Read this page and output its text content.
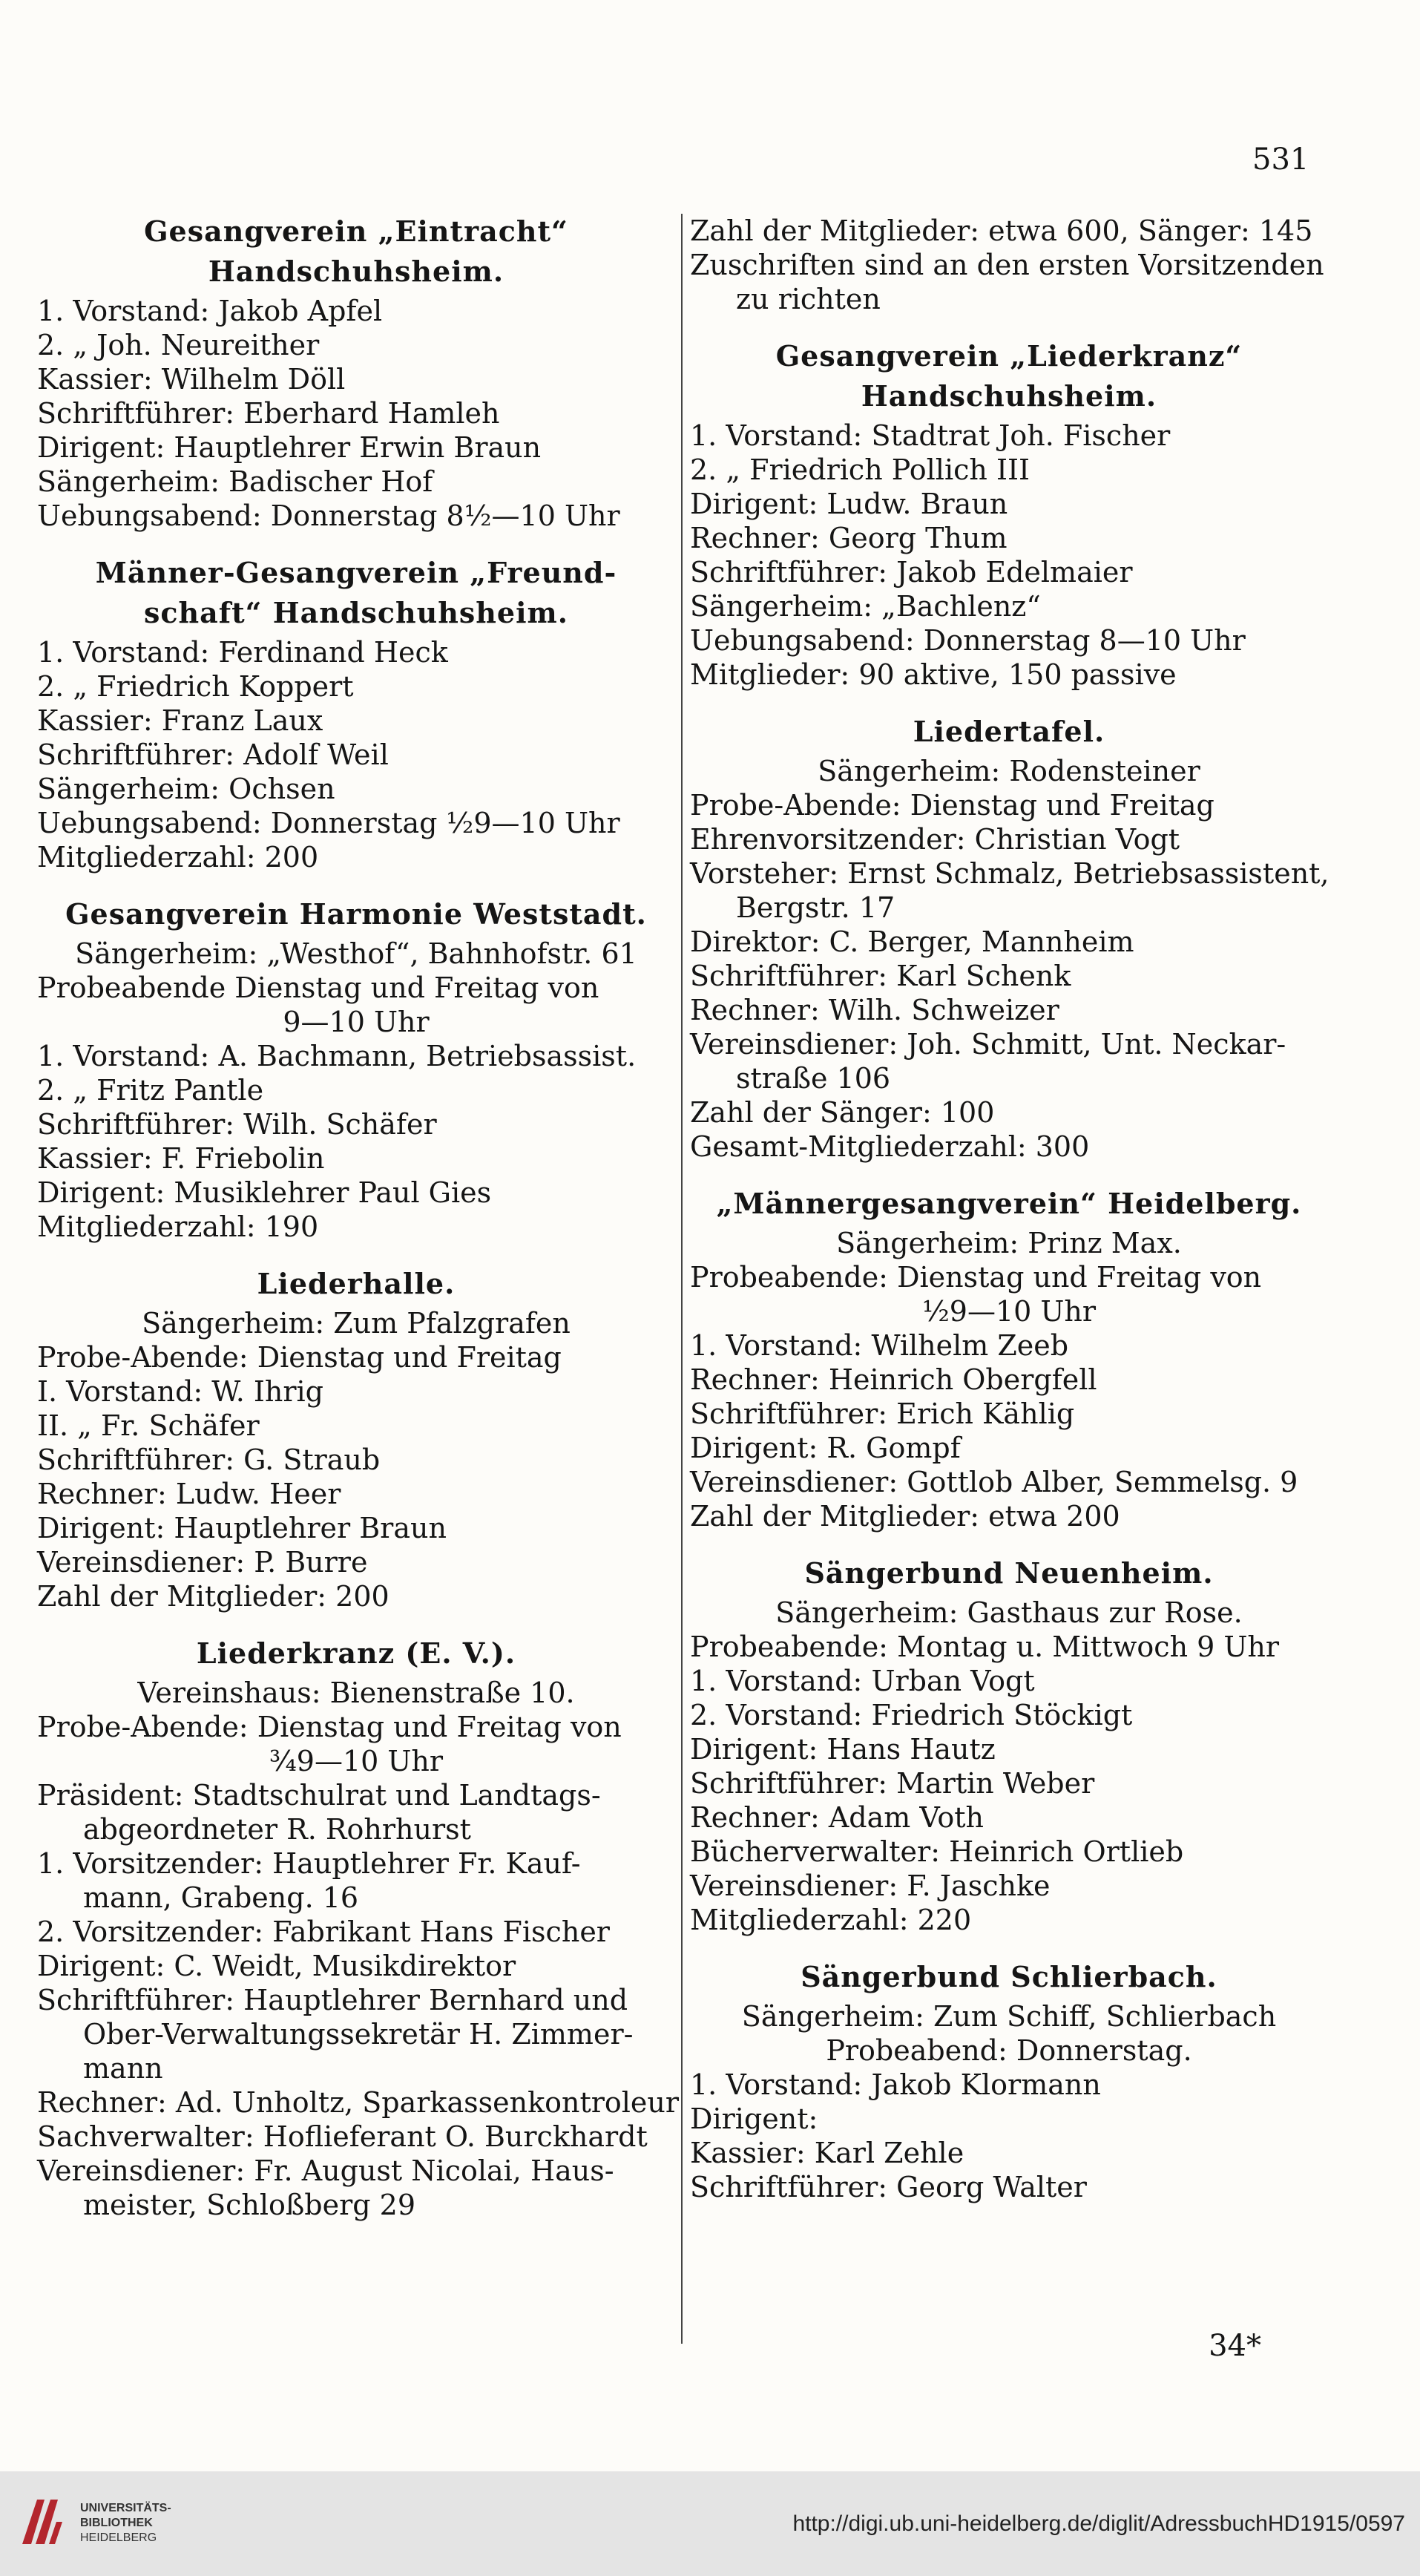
531
Gesangverein „Eintracht“
Handschuhsheim.
1. Vorstand: Jakob Apfel
2. „ Joh. Neureither
Kassier: Wilhelm Döll
Schriftführer: Eberhard Hamleh
Dirigent: Hauptlehrer Erwin Braun
Sängerheim: Badischer Hof
Uebungsabend: Donnerstag 8½—10 Uhr
Männer-Gesangverein „Freund-
schaft“ Handschuhsheim.
1. Vorstand: Ferdinand Heck
2. „ Friedrich Koppert
Kassier: Franz Laux
Schriftführer: Adolf Weil
Sängerheim: Ochsen
Uebungsabend: Donnerstag ½9—10 Uhr
Mitgliederzahl: 200
Gesangverein Harmonie Weststadt.
Sängerheim: „Westhof“, Bahnhofstr. 61
Probeabende Dienstag und Freitag von
9—10 Uhr
1. Vorstand: A. Bachmann, Betriebsassist.
2. „ Fritz Pantle
Schriftführer: Wilh. Schäfer
Kassier: F. Friebolin
Dirigent: Musiklehrer Paul Gies
Mitgliederzahl: 190
Liederhalle.
Sängerheim: Zum Pfalzgrafen
Probe-Abende: Dienstag und Freitag
I. Vorstand: W. Ihrig
II. „ Fr. Schäfer
Schriftführer: G. Straub
Rechner: Ludw. Heer
Dirigent: Hauptlehrer Braun
Vereinsdiener: P. Burre
Zahl der Mitglieder: 200
Liederkranz (E. V.).
Vereinshaus: Bienenstraße 10.
Probe-Abende: Dienstag und Freitag von
¾9—10 Uhr
Präsident: Stadtschulrat und Landtags-
abgeordneter R. Rohrhurst
1. Vorsitzender: Hauptlehrer Fr. Kauf-
mann, Grabeng. 16
2. Vorsitzender: Fabrikant Hans Fischer
Dirigent: C. Weidt, Musikdirektor
Schriftführer: Hauptlehrer Bernhard und
Ober-Verwaltungssekretär H. Zimmer-
mann
Rechner: Ad. Unholtz, Sparkassenkontroleur
Sachverwalter: Hoflieferant O. Burckhardt
Vereinsdiener: Fr. August Nicolai, Haus-
meister, Schloßberg 29
Zahl der Mitglieder: etwa 600, Sänger: 145
Zuschriften sind an den ersten Vorsitzenden
zu richten
Gesangverein „Liederkranz“
Handschuhsheim.
1. Vorstand: Stadtrat Joh. Fischer
2. „ Friedrich Pollich III
Dirigent: Ludw. Braun
Rechner: Georg Thum
Schriftführer: Jakob Edelmaier
Sängerheim: „Bachlenz“
Uebungsabend: Donnerstag 8—10 Uhr
Mitglieder: 90 aktive, 150 passive
Liedertafel.
Sängerheim: Rodensteiner
Probe-Abende: Dienstag und Freitag
Ehrenvorsitzender: Christian Vogt
Vorsteher: Ernst Schmalz, Betriebsassistent,
Bergstr. 17
Direktor: C. Berger, Mannheim
Schriftführer: Karl Schenk
Rechner: Wilh. Schweizer
Vereinsdiener: Joh. Schmitt, Unt. Neckar-
straße 106
Zahl der Sänger: 100
Gesamt-Mitgliederzahl: 300
„Männergesangverein“ Heidelberg.
Sängerheim: Prinz Max.
Probeabende: Dienstag und Freitag von
½9—10 Uhr
1. Vorstand: Wilhelm Zeeb
Rechner: Heinrich Obergfell
Schriftführer: Erich Kählig
Dirigent: R. Gompf
Vereinsdiener: Gottlob Alber, Semmelsg. 9
Zahl der Mitglieder: etwa 200
Sängerbund Neuenheim.
Sängerheim: Gasthaus zur Rose.
Probeabende: Montag u. Mittwoch 9 Uhr
1. Vorstand: Urban Vogt
2. Vorstand: Friedrich Stöckigt
Dirigent: Hans Hautz
Schriftführer: Martin Weber
Rechner: Adam Voth
Bücherverwalter: Heinrich Ortlieb
Vereinsdiener: F. Jaschke
Mitgliederzahl: 220
Sängerbund Schlierbach.
Sängerheim: Zum Schiff, Schlierbach
Probeabend: Donnerstag.
1. Vorstand: Jakob Klormann
Dirigent:
Kassier: Karl Zehle
Schriftführer: Georg Walter
34*
UNIVERSITÄTS-
BIBLIOTHEK
HEIDELBERG
http://digi.ub.uni-heidelberg.de/diglit/AdressbuchHD1915/0597
